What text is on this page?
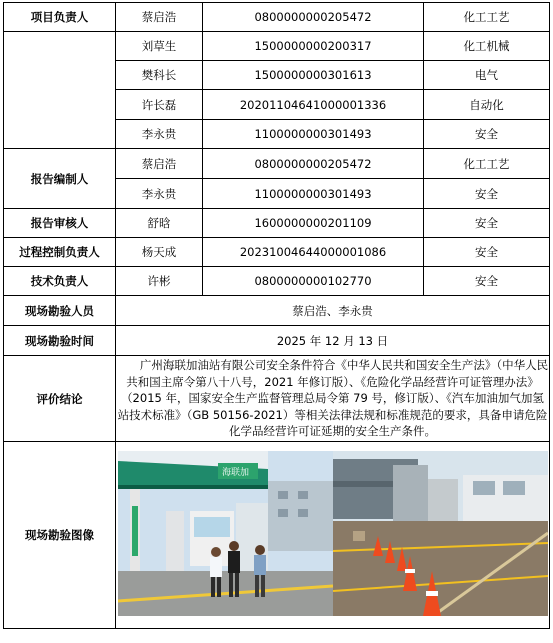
项目负责人	蔡启浩	0800000000205472	化工工艺
	刘草生	1500000000200317	化工机械
	樊科长	1500000000301613	电气
	许长磊	20201104641000001336	自动化
	李永贵	1100000000301493	安全
报告编制人	蔡启浩	0800000000205472	化工工艺
	李永贵	1100000000301493	安全
报告审核人	舒晗	1600000000201109	安全
过程控制负责人	杨天成	20231004644000001086	安全
技术负责人	许彬	0800000000102770	安全
现场勘验人员	蔡启浩、李永贵		
现场勘验时间	2025 年 12 月 13 日		
评价结论	广州海联加油站有限公司安全条件符合《中华人民共和国安全生产法》（中华人民共和国主席令第八十八号，2021 年修订版）、《危险化学品经营许可证管理办法》（2015 年，国家安全生产监督管理总局令第 79 号，修订版）、《汽车加油加气加氢站技术标准》（GB 50156-2021）等相关法律法规和标准规范的要求，具备申请危险化学品经营许可证延期的安全生产条件。		
现场勘验图像	海联加		
